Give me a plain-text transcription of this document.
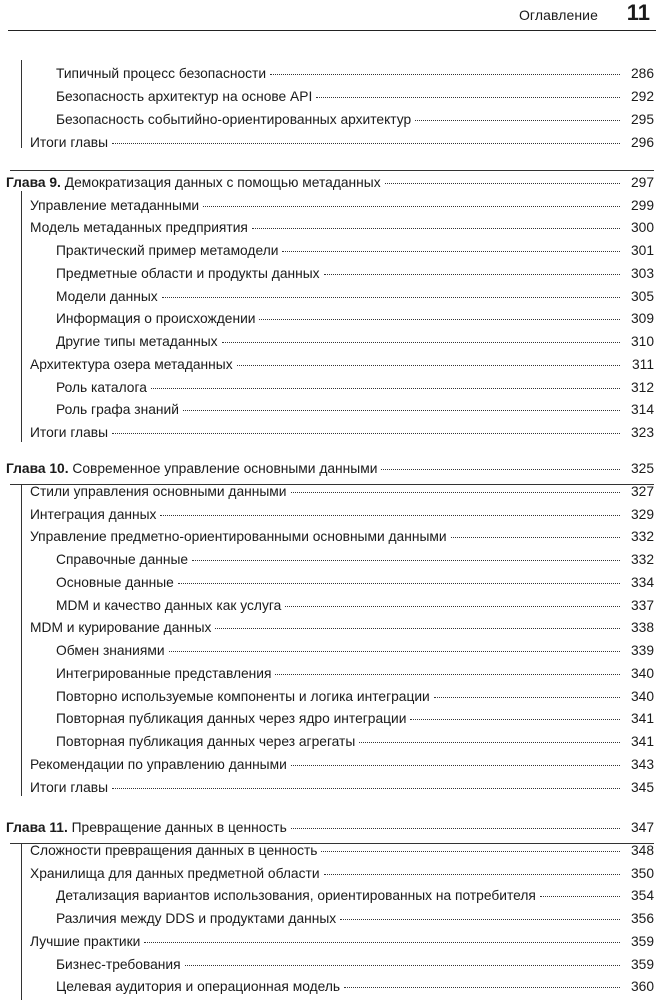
Оглавление 11
Типичный процесс безопасности	286
Безопасность архитектур на основе API	292
Безопасность событийно-ориентированных архитектур	295
Итоги главы	296
Глава 9. Демократизация данных с помощью метаданных	297
Управление метаданными	299
Модель метаданных предприятия	300
Практический пример метамодели	301
Предметные области и продукты данных	303
Модели данных	305
Информация о происхождении	309
Другие типы метаданных	310
Архитектура озера метаданных	311
Роль каталога	312
Роль графа знаний	314
Итоги главы	323
Глава 10. Современное управление основными данными	325
Стили управления основными данными	327
Интеграция данных	329
Управление предметно-ориентированными основными данными	332
Справочные данные	332
Основные данные	334
MDM и качество данных как услуга	337
MDM и курирование данных	338
Обмен знаниями	339
Интегрированные представления	340
Повторно используемые компоненты и логика интеграции	340
Повторная публикация данных через ядро интеграции	341
Повторная публикация данных через агрегаты	341
Рекомендации по управлению данными	343
Итоги главы	345
Глава 11. Превращение данных в ценность	347
Сложности превращения данных в ценность	348
Хранилища для данных предметной области	350
Детализация вариантов использования, ориентированных на потребителя	354
Различия между DDS и продуктами данных	356
Лучшие практики	359
Бизнес-требования	359
Целевая аудитория и операционная модель	360
